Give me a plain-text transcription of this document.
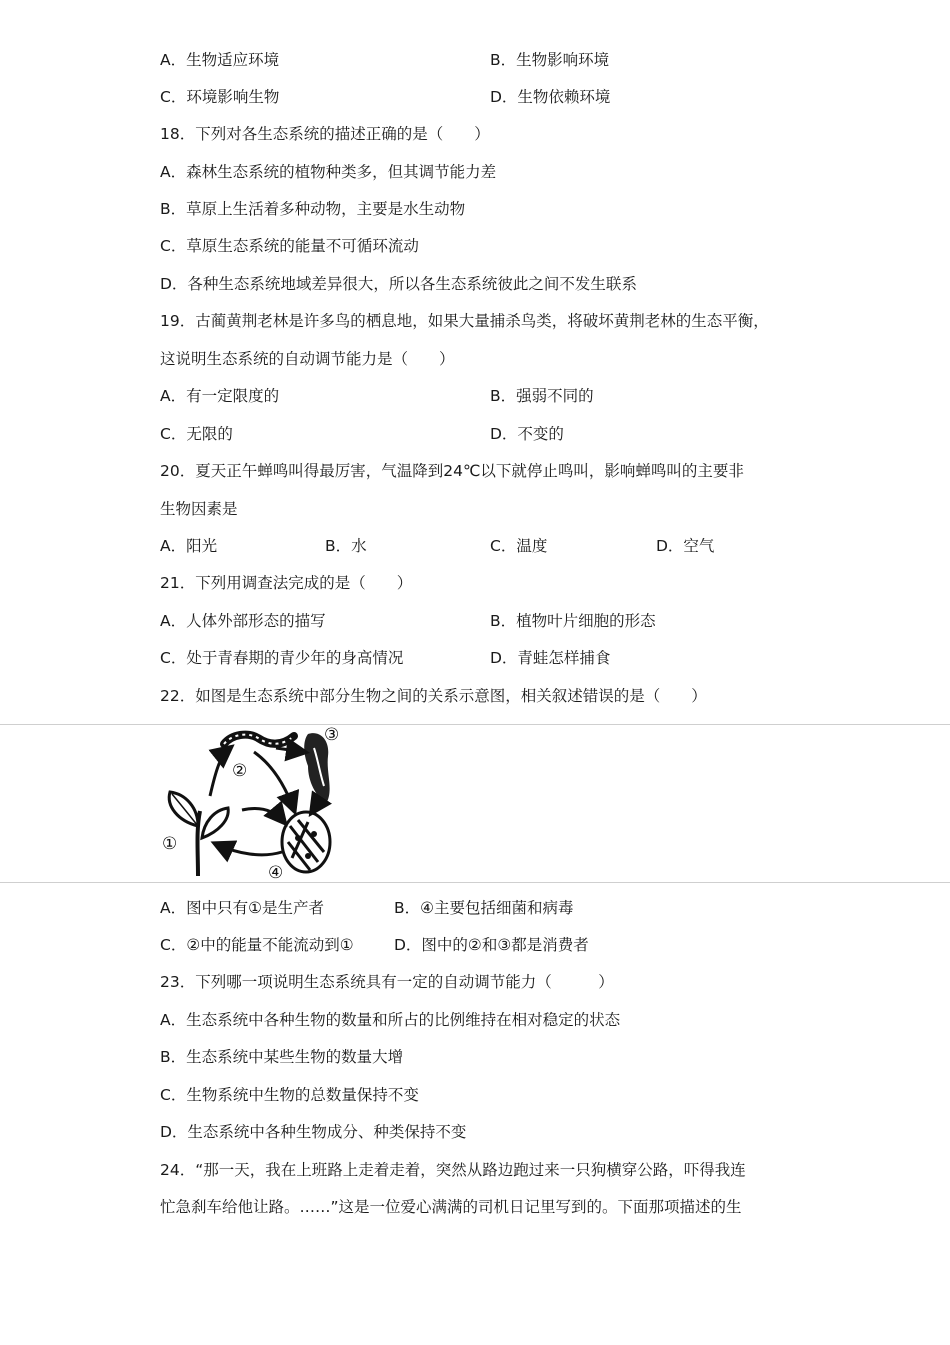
A．生物适应环境	B．生物影响环境
C．环境影响生物	D．生物依赖环境
18．下列对各生态系统的描述正确的是（　　）
A．森林生态系统的植物种类多，但其调节能力差
B．草原上生活着多种动物，主要是水生动物
C．草原生态系统的能量不可循环流动
D．各种生态系统地域差异很大，所以各生态系统彼此之间不发生联系
19．古蔺黄荆老林是许多鸟的栖息地，如果大量捕杀鸟类，将破坏黄荆老林的生态平衡，
这说明生态系统的自动调节能力是（　　）
A．有一定限度的	B．强弱不同的
C．无限的	D．不变的
20．夏天正午蝉鸣叫得最厉害，气温降到24℃以下就停止鸣叫，影响蝉鸣叫的主要非
生物因素是
A．阳光	B．水	C．温度	D．空气
21．下列用调查法完成的是（　　）
A．人体外部形态的描写	B．植物叶片细胞的形态
C．处于青春期的青少年的身高情况	D．青蛙怎样捕食
22．如图是生态系统中部分生物之间的关系示意图，相关叙述错误的是（　　）
①
②
③
④
A．图中只有①是生产者	B．④主要包括细菌和病毒
C．②中的能量不能流动到①	D．图中的②和③都是消费者
23．下列哪一项说明生态系统具有一定的自动调节能力（　　　）
A．生态系统中各种生物的数量和所占的比例维持在相对稳定的状态
B．生态系统中某些生物的数量大增
C．生物系统中生物的总数量保持不变
D．生态系统中各种生物成分、种类保持不变
24．“那一天，我在上班路上走着走着，突然从路边跑过来一只狗横穿公路，吓得我连
忙急刹车给他让路。……”这是一位爱心满满的司机日记里写到的。下面那项描述的生
